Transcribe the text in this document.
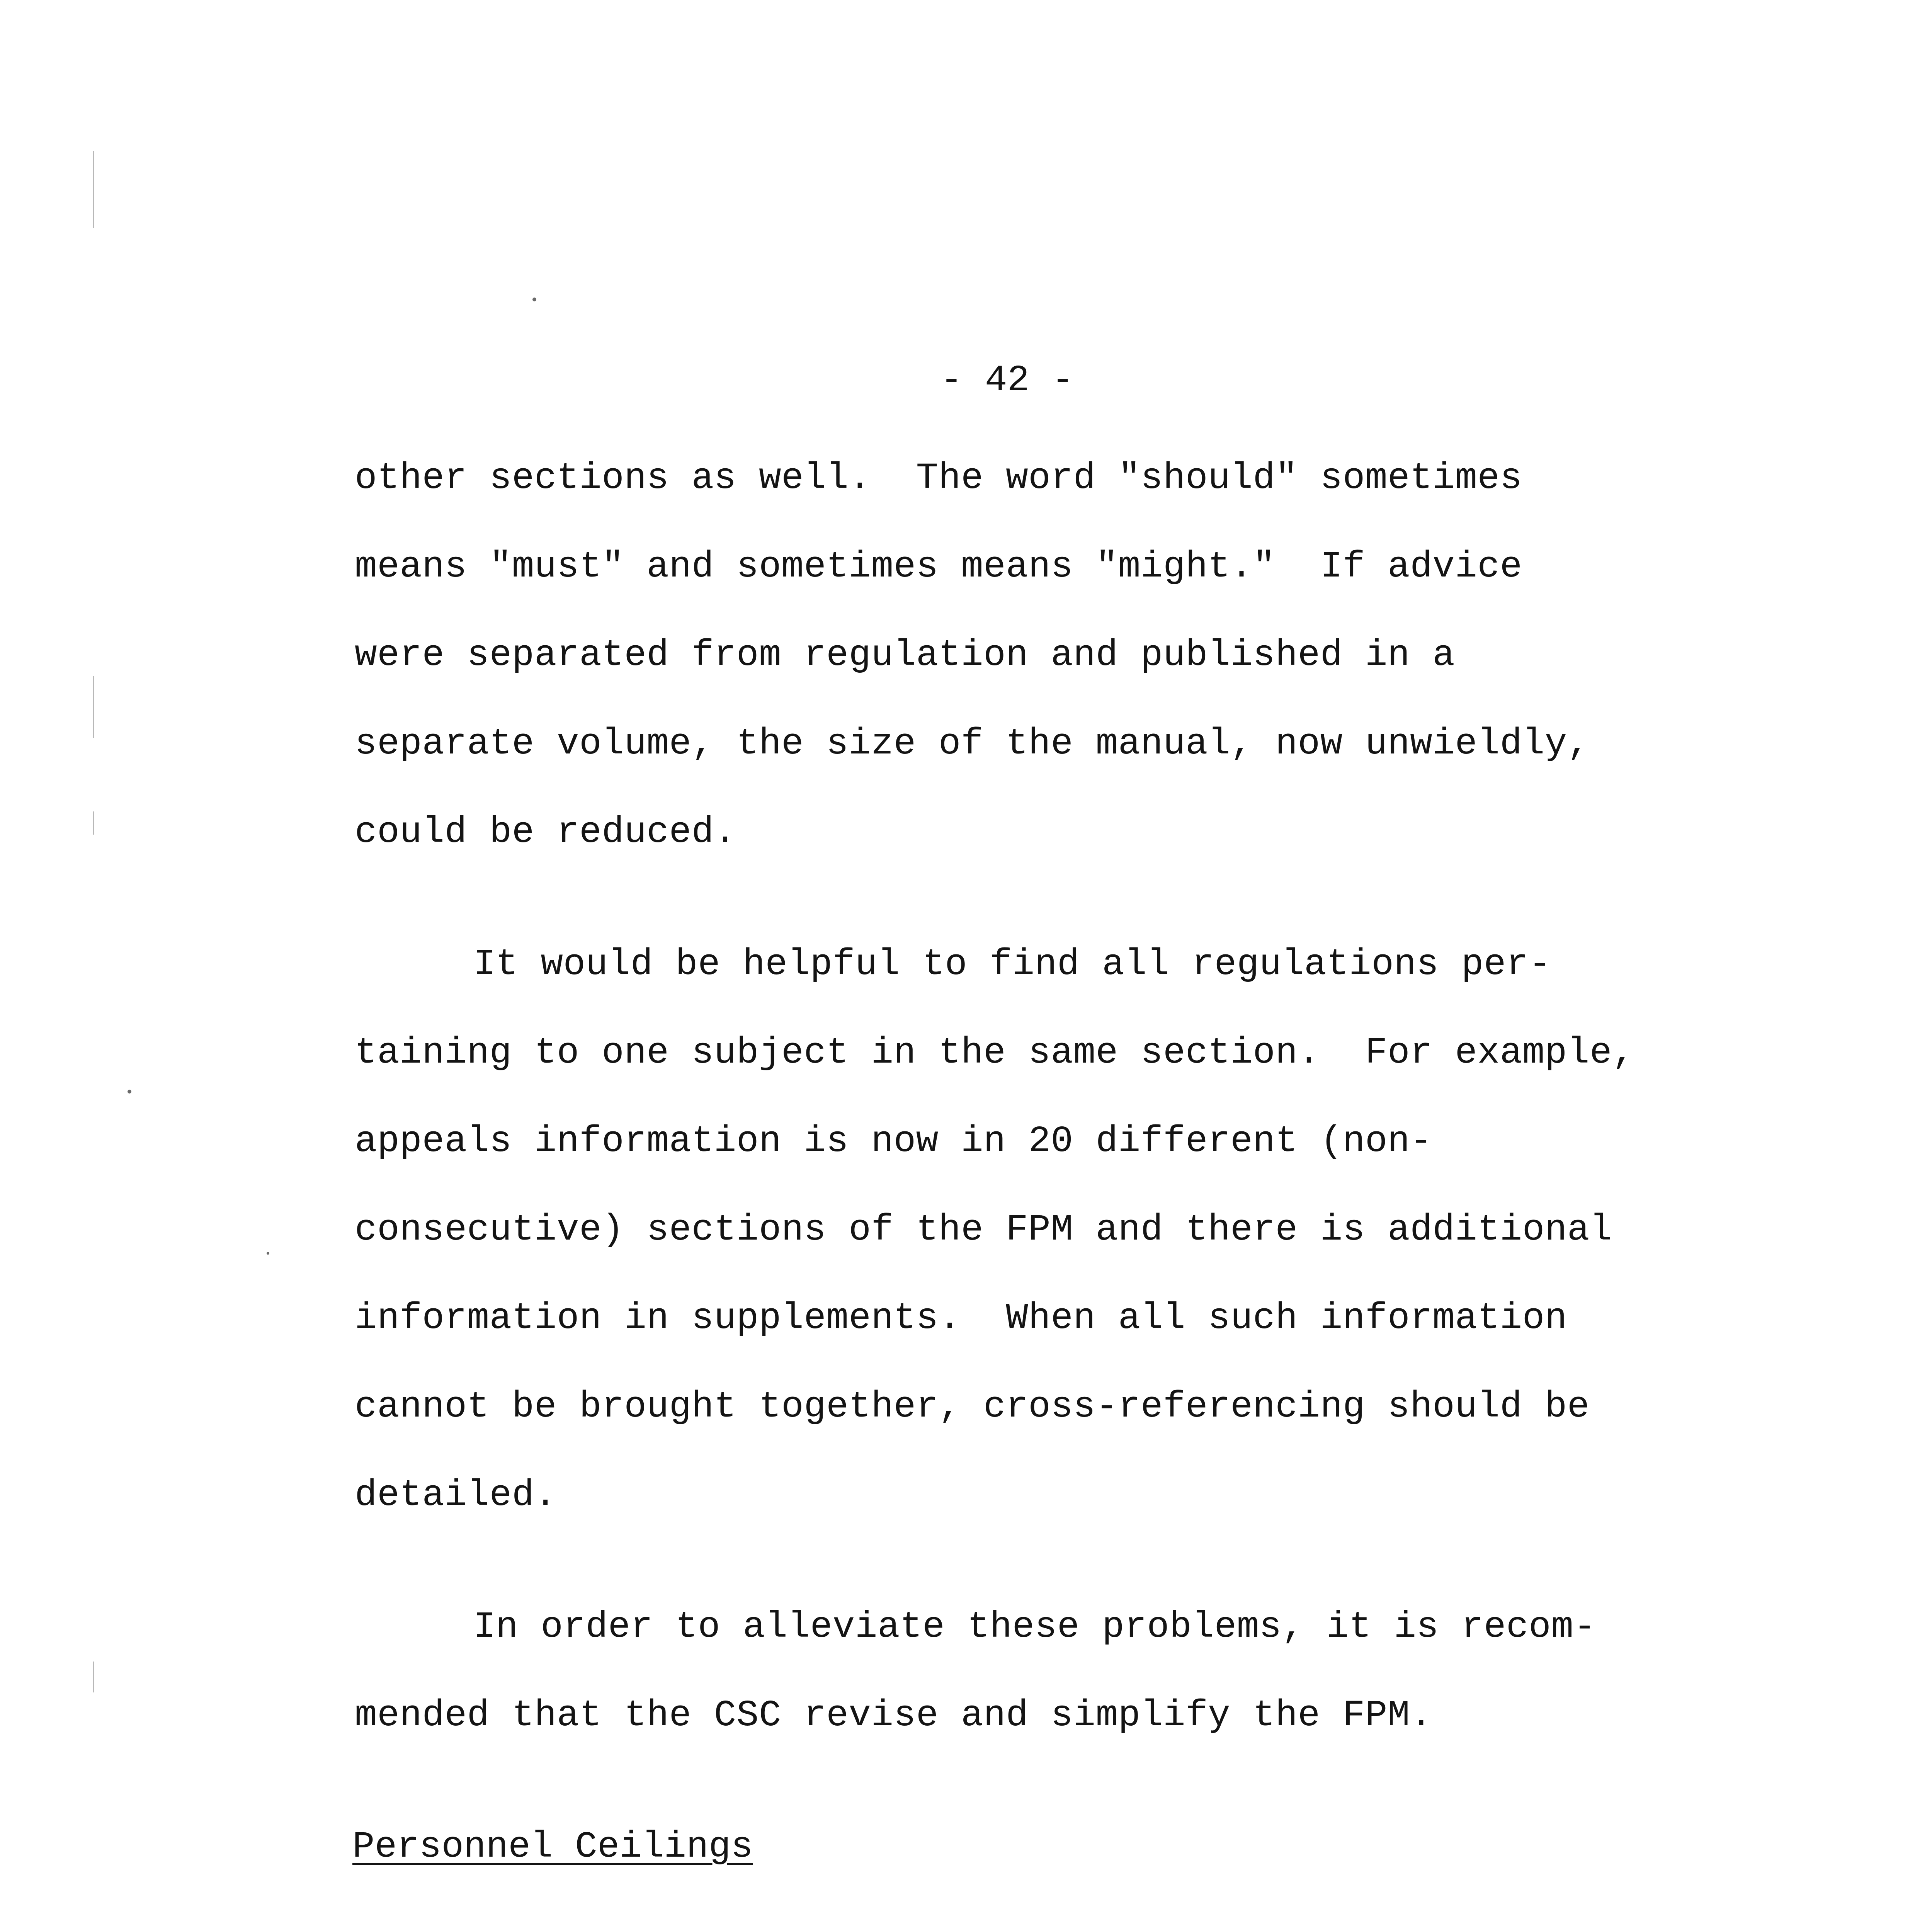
- 42 -
other sections as well.  The word "should" sometimes
means "must" and sometimes means "might."  If advice
were separated from regulation and published in a
separate volume, the size of the manual, now unwieldly,
could be reduced.
It would be helpful to find all regulations per-
taining to one subject in the same section.  For example,
appeals information is now in 20 different (non-
consecutive) sections of the FPM and there is additional
information in supplements.  When all such information
cannot be brought together, cross-referencing should be
detailed.
In order to alleviate these problems, it is recom-
mended that the CSC revise and simplify the FPM.
Personnel Ceilings
